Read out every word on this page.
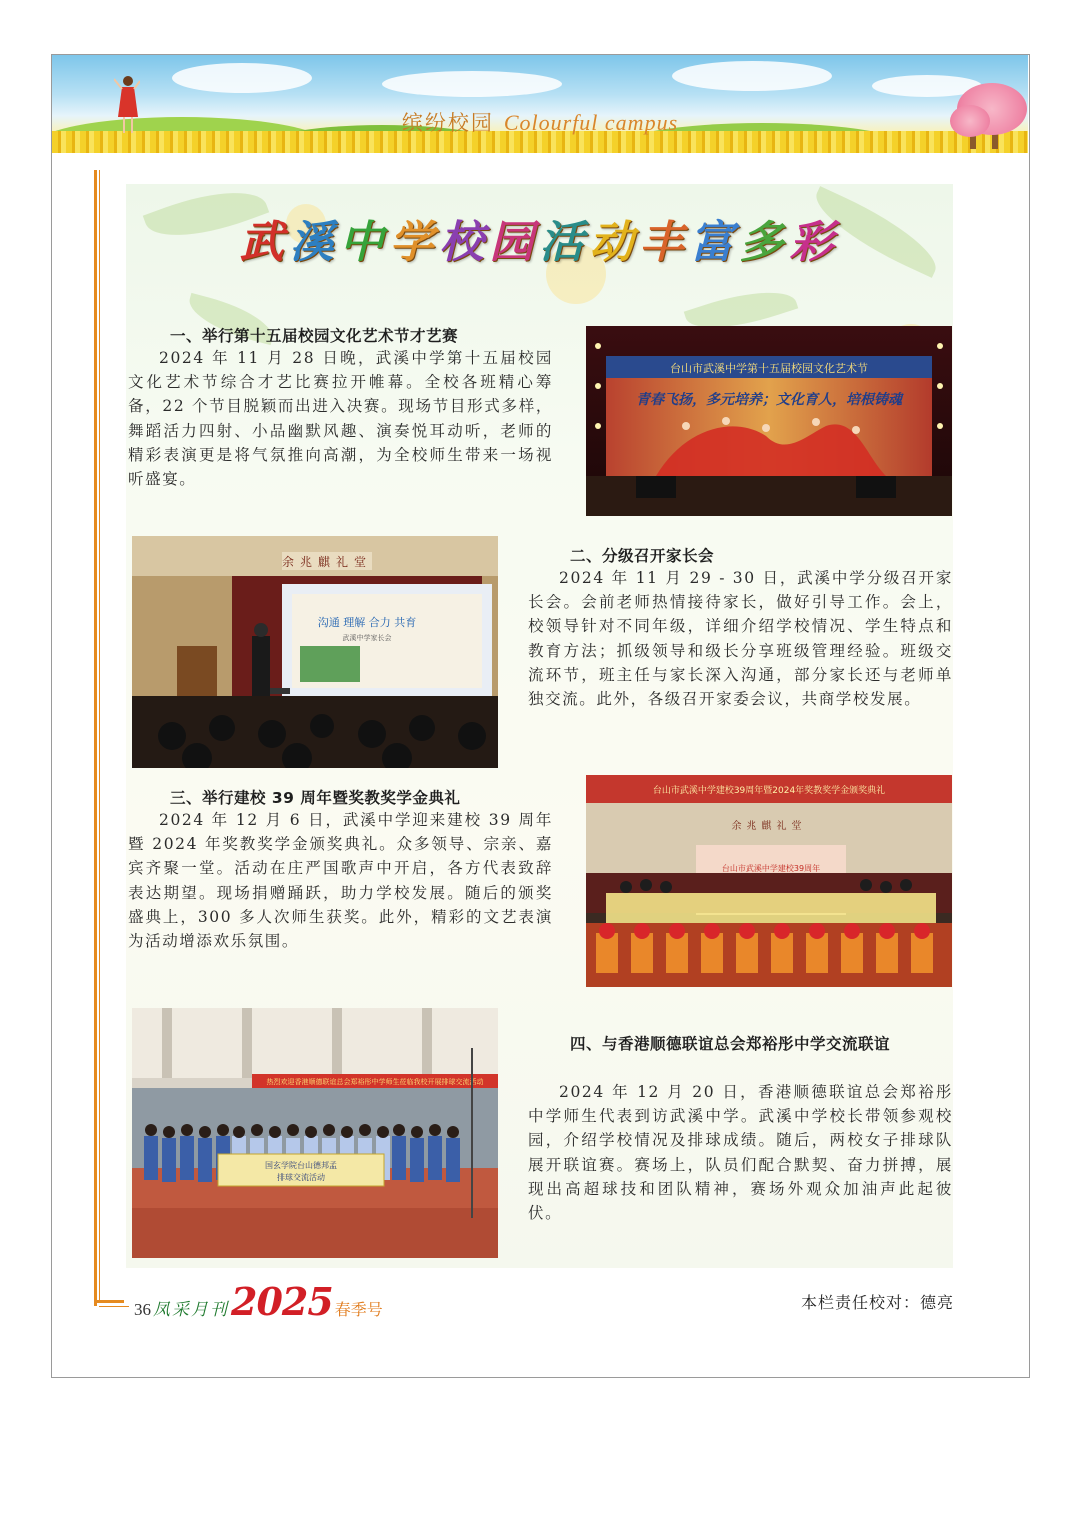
缤纷校园 Colourful campus
武溪中学校园活动丰富多彩
一、举行第十五届校园文化艺术节才艺赛
2024 年 11 月 28 日晚，武溪中学第十五届校园文化艺术节综合才艺比赛拉开帷幕。全校各班精心筹备，22 个节目脱颖而出进入决赛。现场节目形式多样，舞蹈活力四射、小品幽默风趣、演奏悦耳动听，老师的精彩表演更是将气氛推向高潮，为全校师生带来一场视听盛宴。
台山市武溪中学第十五届校园文化艺术节
青春飞扬，多元培养；文化育人，培根铸魂
余兆麒礼堂
沟通 理解 合力 共育
武溪中学家长会
二、分级召开家长会
2024 年 11 月 29 - 30 日，武溪中学分级召开家长会。会前老师热情接待家长，做好引导工作。会上，校领导针对不同年级，详细介绍学校情况、学生特点和教育方法；抓级领导和级长分享班级管理经验。班级交流环节，班主任与家长深入沟通，部分家长还与老师单独交流。此外，各级召开家委会议，共商学校发展。
三、举行建校 39 周年暨奖教奖学金典礼
2024 年 12 月 6 日，武溪中学迎来建校 39 周年暨 2024 年奖教奖学金颁奖典礼。众多领导、宗亲、嘉宾齐聚一堂。活动在庄严国歌声中开启，各方代表致辞表达期望。现场捐赠踊跃，助力学校发展。随后的颁奖盛典上，300 多人次师生获奖。此外，精彩的文艺表演为活动增添欢乐氛围。
台山市武溪中学建校39周年暨2024年奖教奖学金颁奖典礼
余兆麒礼堂
台山市武溪中学建校39周年
热烈欢迎香港顺德联谊总会郑裕彤中学师生莅临我校开展排球交流活动
国玄学院台山德邦孟
排球交流活动
四、与香港顺德联谊总会郑裕彤中学交流联谊
2024 年 12 月 20 日，香港顺德联谊总会郑裕彤中学师生代表到访武溪中学。武溪中学校长带领参观校园，介绍学校情况及排球成绩。随后，两校女子排球队展开联谊赛。赛场上，队员们配合默契、奋力拼搏，展现出高超球技和团队精神，赛场外观众加油声此起彼伏。
36 凤采月刊 2025 春季号	本栏责任校对：德亮
